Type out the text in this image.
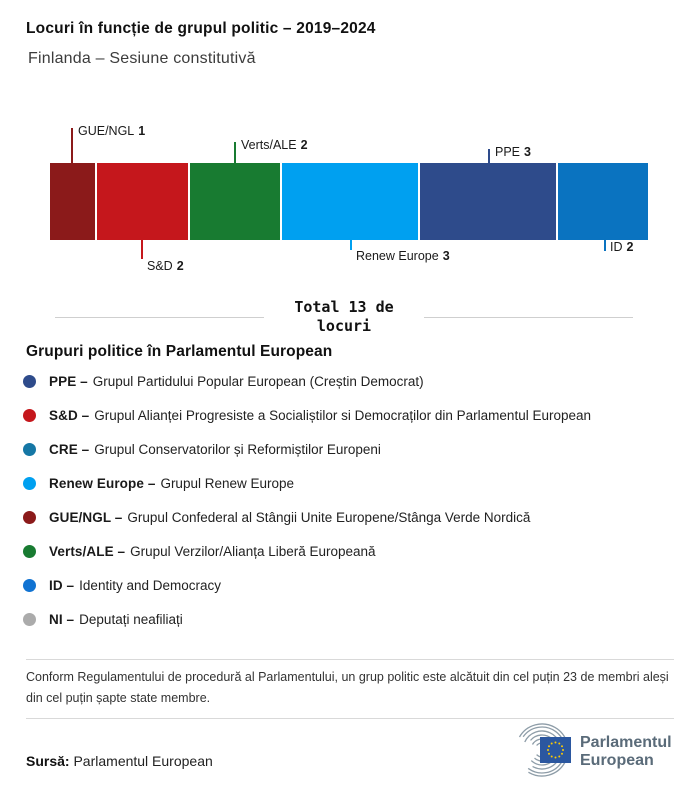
Locuri în funcție de grupul politic – 2019–2024
Finlanda – Sesiune constitutivă
GUE/NGL 1
Verts/ALE 2	PPE 3
S&D 2
Renew Europe 3
ID 2
Total 13 de locuri
Grupuri politice în Parlamentul European
PPE – Grupul Partidului Popular European (Creștin Democrat)
S&D – Grupul Alianței Progresiste a Socialiștilor si Democraților din Parlamentul European
CRE – Grupul Conservatorilor și Reformiștilor Europeni
Renew Europe – Grupul Renew Europe
GUE/NGL – Grupul Confederal al Stângii Unite Europene/Stânga Verde Nordică
Verts/ALE – Grupul Verzilor/Alianța Liberă Europeană
ID – Identity and Democracy
NI – Deputați neafiliați

Conform Regulamentului de procedură al Parlamentului, un grup politic este alcătuit din cel puțin 23 de membri aleși din cel puțin șapte state membre.

Sursă: Parlamentul European
Parlamentul
European
